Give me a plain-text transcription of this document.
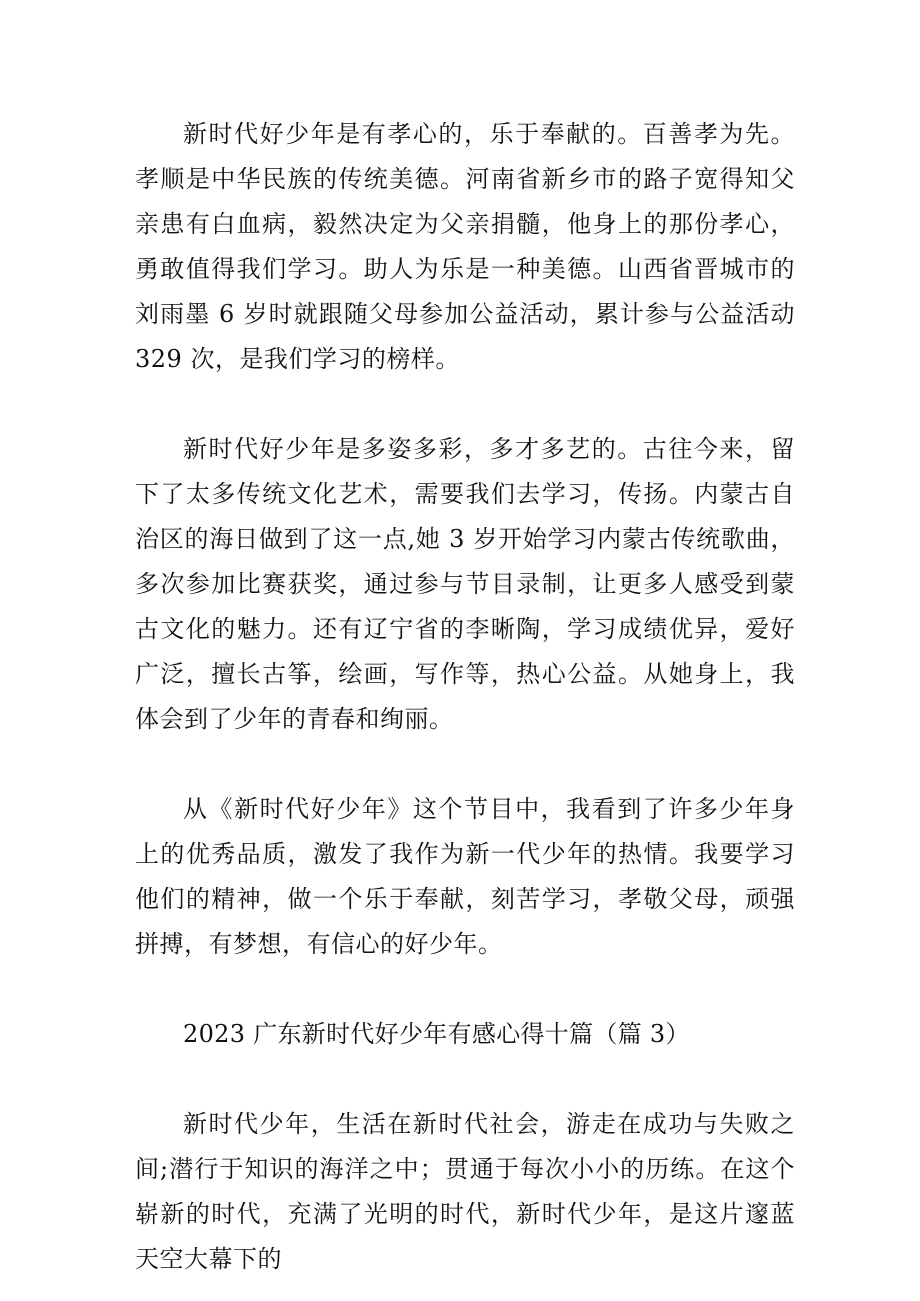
新时代好少年是有孝心的，乐于奉献的。百善孝为先。孝顺是中华民族的传统美德。河南省新乡市的路子宽得知父亲患有白血病，毅然决定为父亲捐髓，他身上的那份孝心，勇敢值得我们学习。助人为乐是一种美德。山西省晋城市的刘雨墨 6 岁时就跟随父母参加公益活动，累计参与公益活动 329 次，是我们学习的榜样。

新时代好少年是多姿多彩，多才多艺的。古往今来，留下了太多传统文化艺术，需要我们去学习，传扬。内蒙古自治区的海日做到了这一点,她 3 岁开始学习内蒙古传统歌曲，多次参加比赛获奖，通过参与节目录制，让更多人感受到蒙古文化的魅力。还有辽宁省的李晰陶，学习成绩优异，爱好广泛，擅长古筝，绘画，写作等，热心公益。从她身上，我体会到了少年的青春和绚丽。

从《新时代好少年》这个节目中，我看到了许多少年身上的优秀品质，激发了我作为新一代少年的热情。我要学习他们的精神，做一个乐于奉献，刻苦学习，孝敬父母，顽强拼搏，有梦想，有信心的好少年。

2023 广东新时代好少年有感心得十篇（篇 3）

新时代少年，生活在新时代社会，游走在成功与失败之间;潜行于知识的海洋之中；贯通于每次小小的历练。在这个崭新的时代，充满了光明的时代，新时代少年，是这片邃蓝天空大幕下的
